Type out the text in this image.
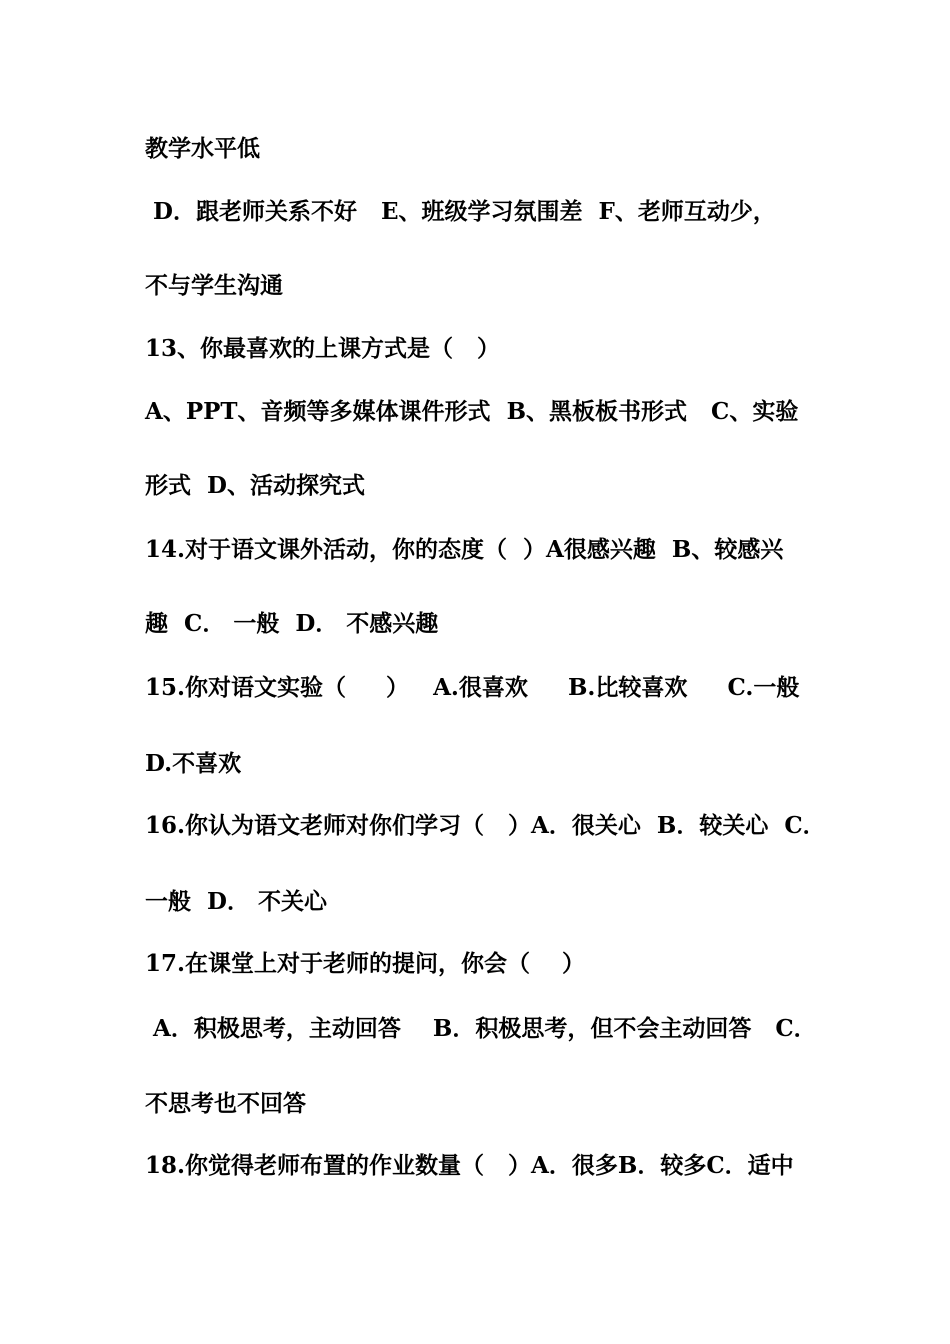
教学水平低
D．跟老师关系不好   E、班级学习氛围差  F、老师互动少，
不与学生沟通
13、你最喜欢的上课方式是（   ）
A、PPT、音频等多媒体课件形式  B、黑板板书形式   C、实验
形式  D、活动探究式
14.对于语文课外活动，你的态度（  ）A很感兴趣  B、较感兴
趣  C． 一般  D． 不感兴趣
15.你对语文实验（     ）   A.很喜欢     B.比较喜欢     C.一般
D.不喜欢
16.你认为语文老师对你们学习（   ）A．很关心  B．较关心  C．
一般  D． 不关心
17.在课堂上对于老师的提问，你会（    ）
A．积极思考，主动回答    B．积极思考，但不会主动回答   C．
不思考也不回答
18.你觉得老师布置的作业数量（   ）A．很多B．较多C．适中
